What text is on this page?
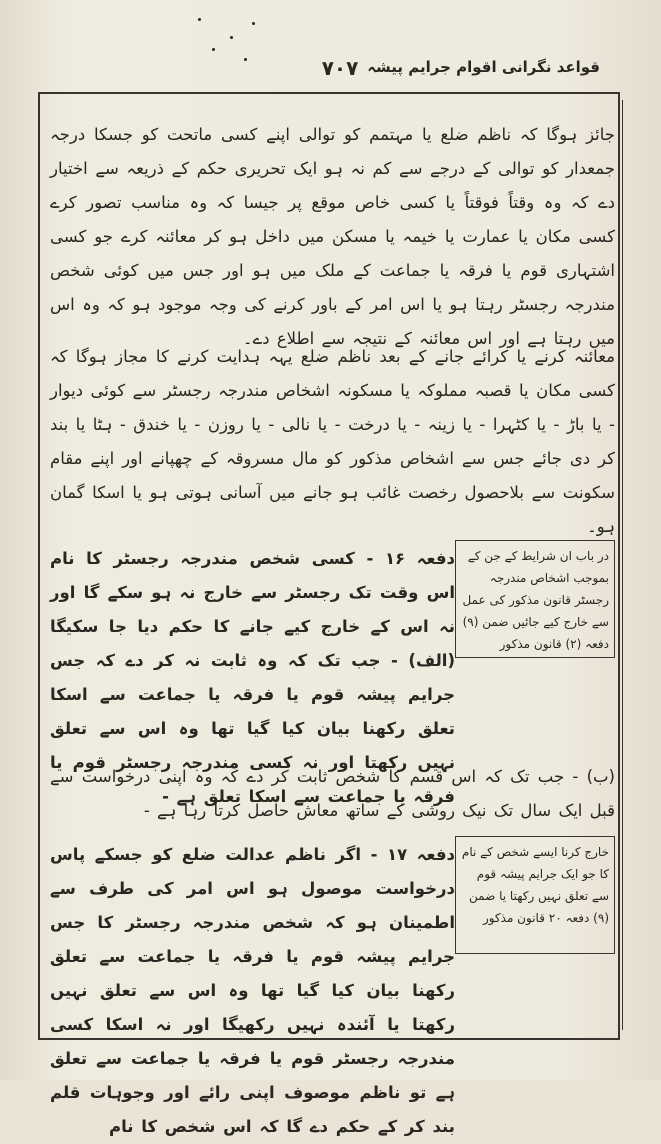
قواعد نگرانی اقوام جرایم پیشہ
۷۰۷
جائز ہوگا کہ ناظم ضلع یا مہتمم کو توالی اپنے کسی ماتحت کو جسکا درجہ جمعدار کو توالی کے درجے سے کم نہ ہو ایک تحریری حکم کے ذریعہ سے اختیار دے کہ وہ وقتاً فوقتاً یا کسی خاص موقع پر جیسا کہ وہ مناسب تصور کرے کسی مکان یا عمارت یا خیمہ یا مسکن میں داخل ہو کر معائنہ کرے جو کسی اشتہاری قوم یا فرقہ یا جماعت کے ملک میں ہو اور جس میں کوئی شخص مندرجہ رجسٹر رہتا ہو یا اس امر کے باور کرنے کی وجہ موجود ہو کہ وہ اس میں رہتا ہے اور اس معائنہ کے نتیجہ سے اطلاع دے۔
معائنہ کرنے یا کرائے جانے کے بعد ناظم ضلع یہہ ہدایت کرنے کا مجاز ہوگا کہ کسی مکان یا قصبہ مملوکہ یا مسکونہ اشخاص مندرجہ رجسٹر سے کوئی دیوار - یا باڑ - یا کٹہرا - یا زینہ - یا درخت - یا نالی - یا روزن - یا خندق - ہٹا یا بند کر دی جائے جس سے اشخاص مذکور کو مال مسروقہ کے چھپانے اور اپنے مقام سکونت سے بلاحصول رخصت غائب ہو جانے میں آسانی ہوتی ہو یا اسکا گمان ہو۔
در باب ان شرایط کے جن کے بموجب اشخاص مندرجہ رجسٹر قانون مذکور کی عمل سے خارج کیے جائیں ضمن (۹) دفعہ (۲) قانون مذکور
دفعہ ۱۶ - کسی شخص مندرجہ رجسٹر کا نام اس وقت تک رجسٹر سے خارج نہ ہو سکے گا اور نہ اس کے خارج کیے جانے کا حکم دیا جا سکیگا (الف) - جب تک کہ وہ ثابت نہ کر دے کہ جس جرایم پیشہ قوم یا فرقہ یا جماعت سے اسکا تعلق رکھنا بیان کیا گیا تھا وہ اس سے تعلق نہیں رکھتا اور نہ کسی مندرجہ رجسٹر قوم یا فرقہ یا جماعت سے اسکا تعلق ہے -
(ب) - جب تک کہ اس قسم کا شخص ثابت کر دے کہ وہ اپنی درخواست سے قبل ایک سال تک نیک روشی کے ساتھ معاش حاصل کرتا رہا ہے -
خارج کرنا ایسے شخص کے نام کا جو ایک جرایم پیشہ قوم سے تعلق نہیں رکھتا یا ضمن (۹) دفعہ ۲۰ قانون مذکور
دفعہ ۱۷ - اگر ناظم عدالت ضلع کو جسکے پاس درخواست موصول ہو اس امر کی طرف سے اطمینان ہو کہ شخص مندرجہ رجسٹر کا جس جرایم پیشہ قوم یا فرقہ یا جماعت سے تعلق رکھنا بیان کیا گیا تھا وہ اس سے تعلق نہیں رکھتا یا آئندہ نہیں رکھیگا اور نہ اسکا کسی مندرجہ رجسٹر قوم یا فرقہ یا جماعت سے تعلق ہے تو ناظم موصوف اپنی رائے اور وجوہات قلم بند کر کے حکم دے گا کہ اس شخص کا نام
